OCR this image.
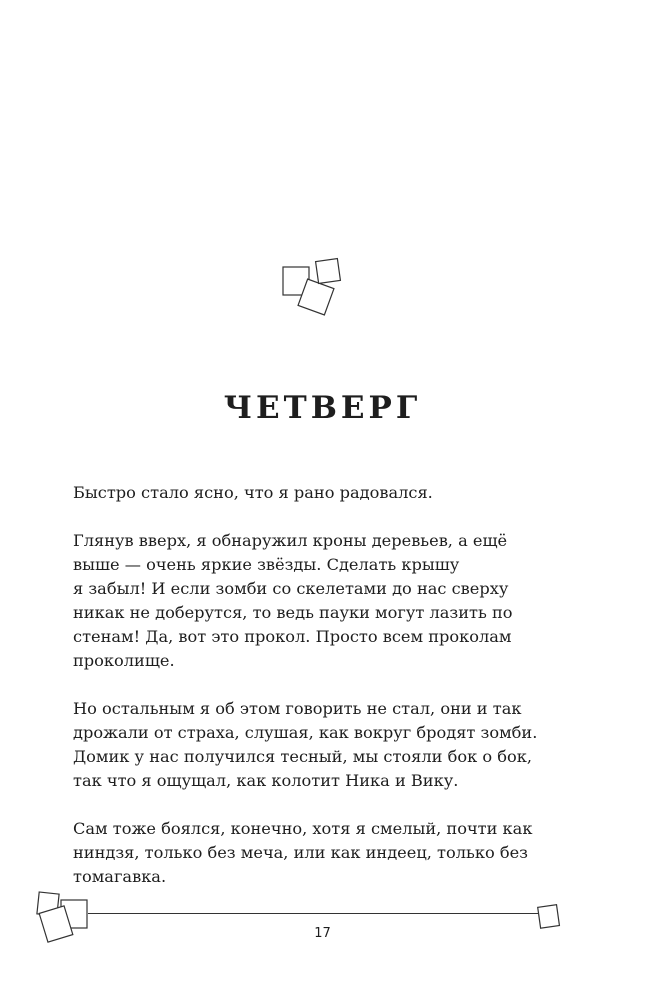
ЧЕТВЕРГ
Быстро стало ясно, что я рано радовался.
Глянув вверх, я обнаружил кроны деревьев, а ещё
выше — очень яркие звёзды. Сделать крышу
я забыл! И если зомби со скелетами до нас сверху
никак не доберутся, то ведь пауки могут лазить по
стенам! Да, вот это прокол. Просто всем проколам
проколище.
Но остальным я об этом говорить не стал, они и так
дрожали от страха, слушая, как вокруг бродят зомби.
Домик у нас получился тесный, мы стояли бок о бок,
так что я ощущал, как колотит Ника и Вику.
Сам тоже боялся, конечно, хотя я смелый, почти как
ниндзя, только без меча, или как индеец, только без
томагавка.
17
